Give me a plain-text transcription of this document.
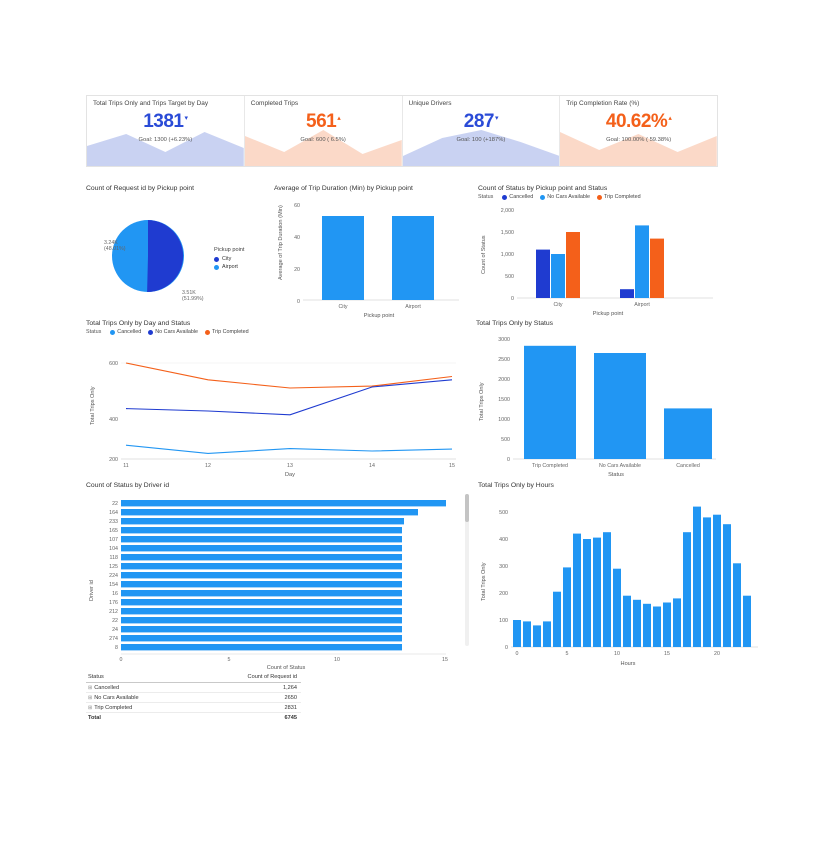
Total Trips Only and Trips Target by Day
1381▾
Goal: 1300 (+6.23%)
Completed Trips
561▴
Goal: 600 ( 6.5%)
Unique Drivers
287▾
Goal: 100 (+187%)
Trip Completion Rate (%)
40.62%▴
Goal: 100.00% ( 59.38%)
Count of Request id by Pickup point
3.24K
(48.01%)
3.51K
(51.99%)
Pickup point
City
Airport
Average of Trip Duration (Min) by Pickup point
Average of Trip Duration (Min) 60
40
20
0
City	Airport
Pickup point
Count of Status by Pickup point and Status
Status	Cancelled	No Cars Available	Trip Completed
Count of Status
2,000
1,500
1,000
500
0
City	Airport
Pickup point
Total Trips Only by Day and Status
Status	Cancelled	No Cars Available	Trip Completed
Total Trips Only
600
400
200
11	12	13	14	15
Day
Total Trips Only by Status
Total Trips Only
3000
2500
2000
1500
1000
500
0
Trip Completed	No Cars Available	Cancelled
Status
Count of Status by Driver id
Driver id
22
164
233
165
107
104
118
125
224
154
16
176
212
22
24
274
8
0	5	10	15
Count of Status
Total Trips Only by Hours
Total Trips Only
500
400
300
200
100
0
0	5	10	15	20
Hours
Status	Count of Request id
⊞ Cancelled	1,264
⊞ No Cars Available	2650
⊞ Trip Completed	2831
Total	6745
